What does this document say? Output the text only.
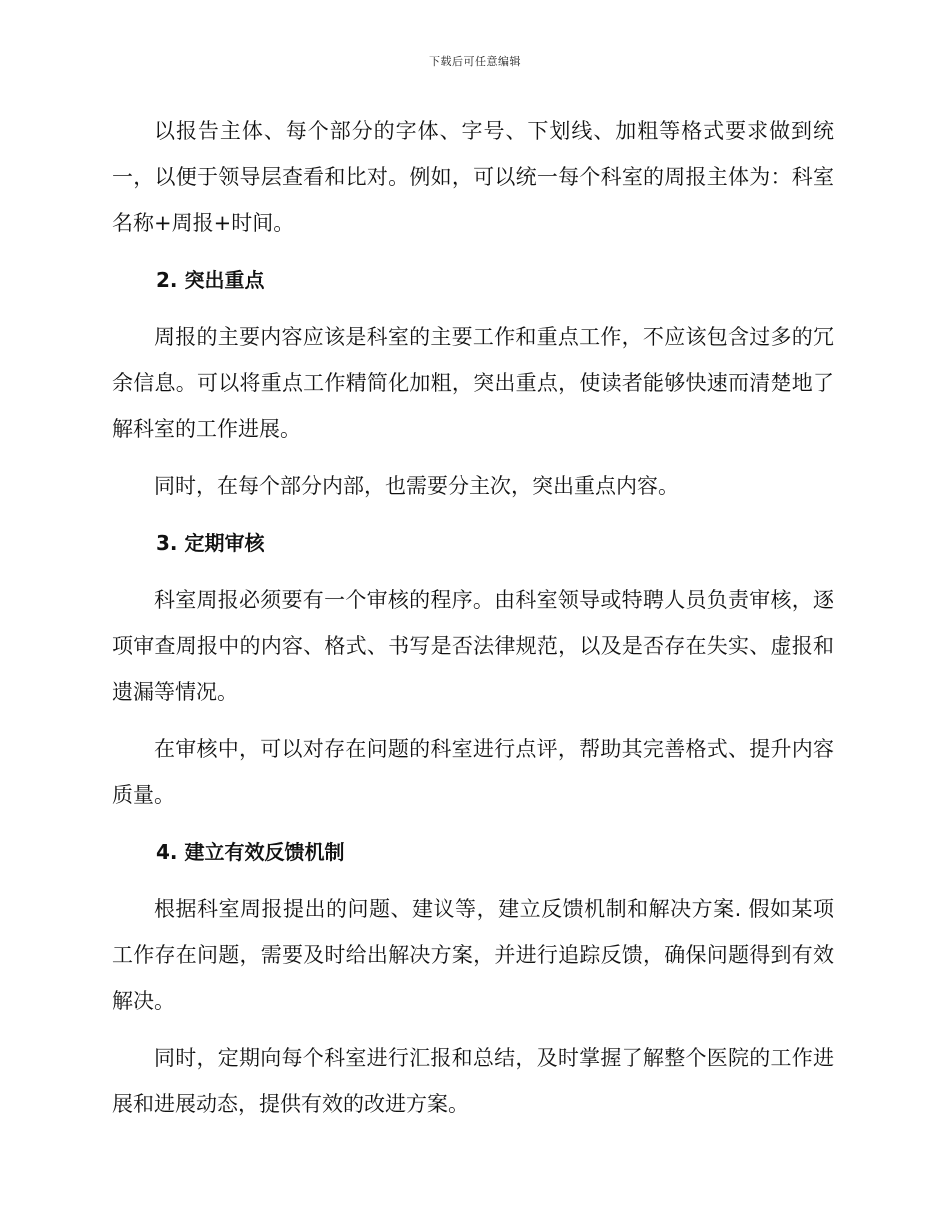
下载后可任意编辑

以报告主体、每个部分的字体、字号、下划线、加粗等格式要求做到统一，以便于领导层查看和比对。例如，可以统一每个科室的周报主体为：科室名称+周报+时间。

2. 突出重点

周报的主要内容应该是科室的主要工作和重点工作，不应该包含过多的冗余信息。可以将重点工作精简化加粗，突出重点，使读者能够快速而清楚地了解科室的工作进展。

同时，在每个部分内部，也需要分主次，突出重点内容。

3. 定期审核

科室周报必须要有一个审核的程序。由科室领导或特聘人员负责审核，逐项审查周报中的内容、格式、书写是否法律规范，以及是否存在失实、虚报和遗漏等情况。

在审核中，可以对存在问题的科室进行点评，帮助其完善格式、提升内容质量。

4. 建立有效反馈机制

根据科室周报提出的问题、建议等，建立反馈机制和解决方案. 假如某项工作存在问题，需要及时给出解决方案，并进行追踪反馈，确保问题得到有效解决。

同时，定期向每个科室进行汇报和总结，及时掌握了解整个医院的工作进展和进展动态，提供有效的改进方案。
